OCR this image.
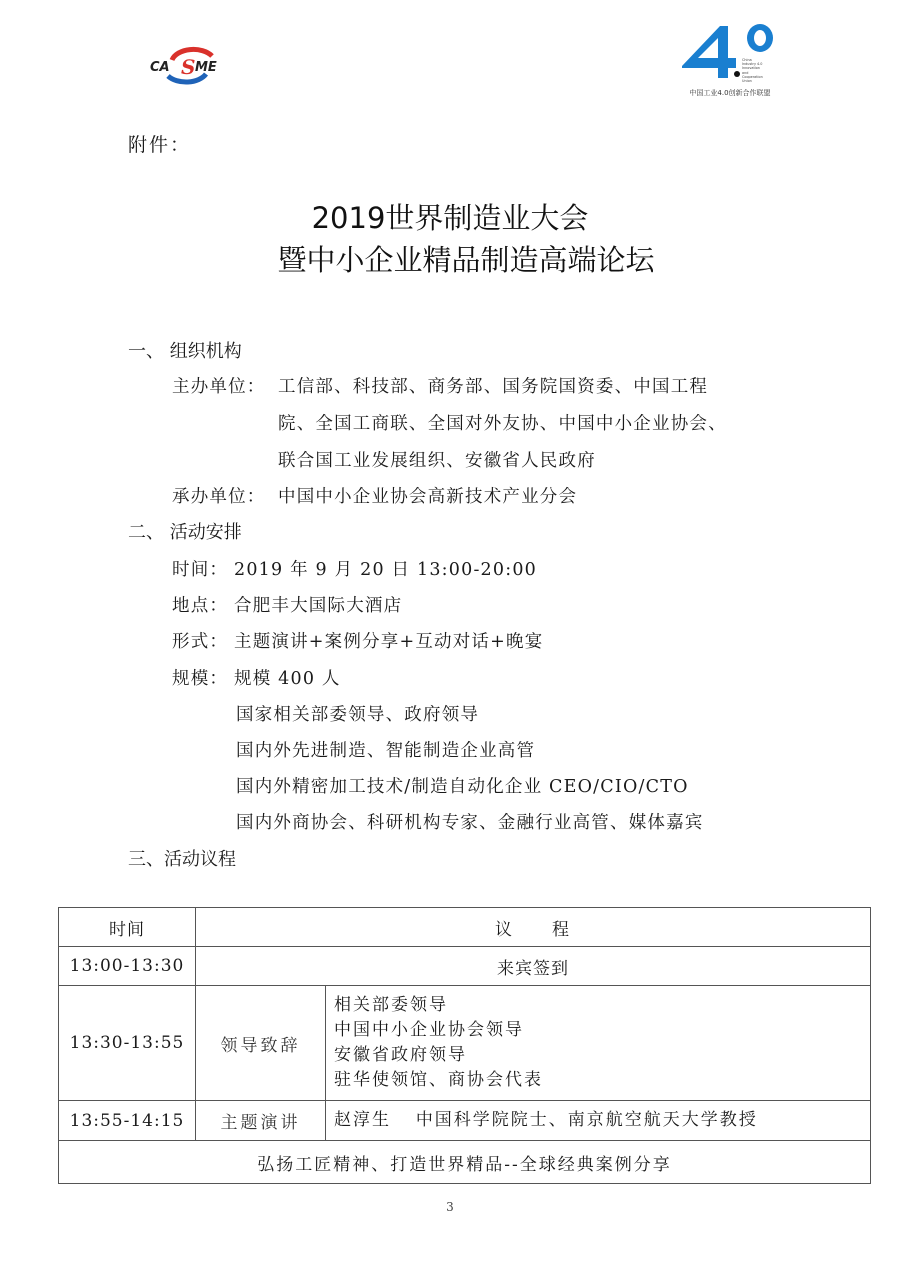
CA S ME	China
Industry 4.0
Innovation
and
Cooperation Union
中国工业4.0创新合作联盟
附件：
2019世界制造业大会
暨中小企业精品制造高端论坛
一、 组织机构
主办单位： 工信部、科技部、商务部、国务院国资委、中国工程
院、全国工商联、全国对外友协、中国中小企业协会、
联合国工业发展组织、安徽省人民政府
承办单位： 中国中小企业协会高新技术产业分会
二、 活动安排
时间： 2019 年 9 月 20 日 13:00-20:00
地点： 合肥丰大国际大酒店
形式： 主题演讲+案例分享+互动对话+晚宴
规模： 规模 400 人
国家相关部委领导、政府领导
国内外先进制造、智能制造企业高管
国内外精密加工技术/制造自动化企业 CEO/CIO/CTO
国内外商协会、科研机构专家、金融行业高管、媒体嘉宾
三、活动议程
时间	议　　程	
13:00-13:30	来宾签到	
13:30-13:55	领导致辞	相关部委领导
中国中小企业协会领导
安徽省政府领导
驻华使领馆、商协会代表

13:55-14:15	主题演讲	赵淳生 中国科学院院士、南京航空航天大学教授
弘扬工匠精神、打造世界精品--全球经典案例分享		
3
